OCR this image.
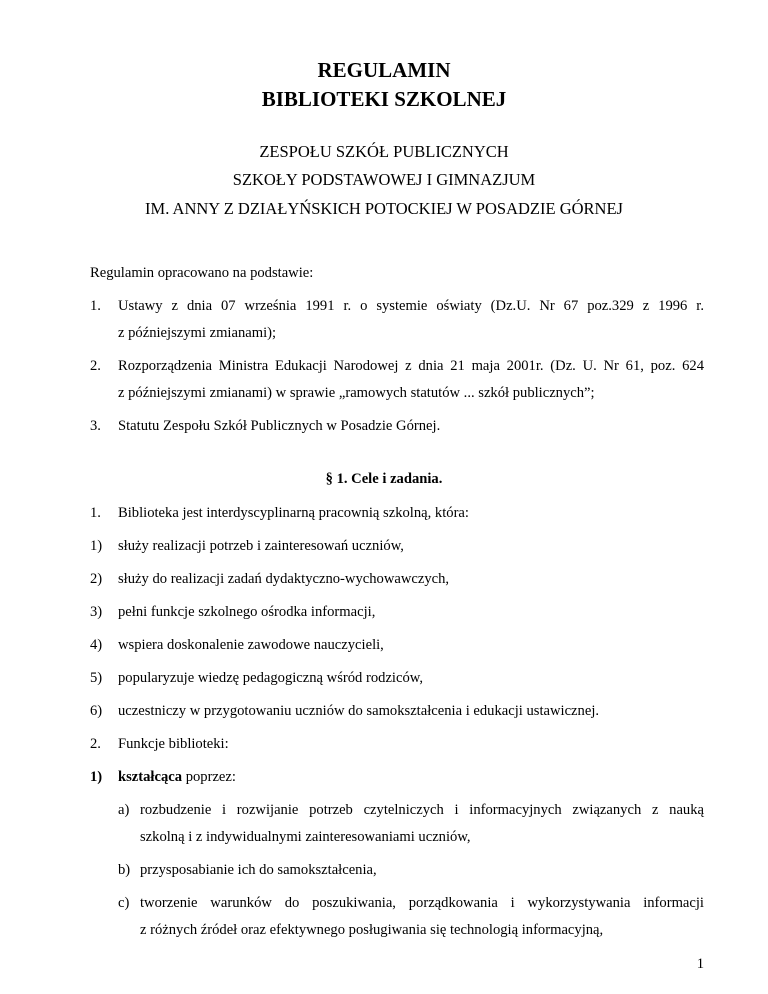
REGULAMIN
BIBLIOTEKI SZKOLNEJ
ZESPOŁU SZKÓŁ PUBLICZNYCH
SZKOŁY PODSTAWOWEJ I GIMNAZJUM
IM. ANNY Z DZIAŁYŃSKICH POTOCKIEJ W POSADZIE GÓRNEJ
Regulamin opracowano na podstawie:
1. Ustawy z dnia 07 września 1991 r. o systemie oświaty (Dz.U. Nr 67 poz.329 z 1996 r.
z późniejszymi zmianami);
2. Rozporządzenia Ministra Edukacji Narodowej z dnia 21 maja 2001r. (Dz. U. Nr 61, poz. 624
z późniejszymi zmianami) w sprawie „ramowych statutów ... szkół publicznych”;
3. Statutu Zespołu Szkół Publicznych w Posadzie Górnej.
§ 1. Cele i zadania.
1. Biblioteka jest interdyscyplinarną pracownią szkolną, która:
1) służy realizacji potrzeb i zainteresowań uczniów,
2) służy do realizacji zadań dydaktyczno-wychowawczych,
3) pełni funkcje szkolnego ośrodka informacji,
4) wspiera doskonalenie zawodowe nauczycieli,
5) popularyzuje wiedzę pedagogiczną wśród rodziców,
6) uczestniczy w przygotowaniu uczniów do samokształcenia i edukacji ustawicznej.
2. Funkcje biblioteki:
1) kształcąca poprzez:
a) rozbudzenie i rozwijanie potrzeb czytelniczych i informacyjnych związanych z nauką
szkolną i z indywidualnymi zainteresowaniami uczniów,
b) przysposabianie ich do samokształcenia,
c) tworzenie warunków do poszukiwania, porządkowania i wykorzystywania informacji
z różnych źródeł oraz efektywnego posługiwania się technologią informacyjną,
1
